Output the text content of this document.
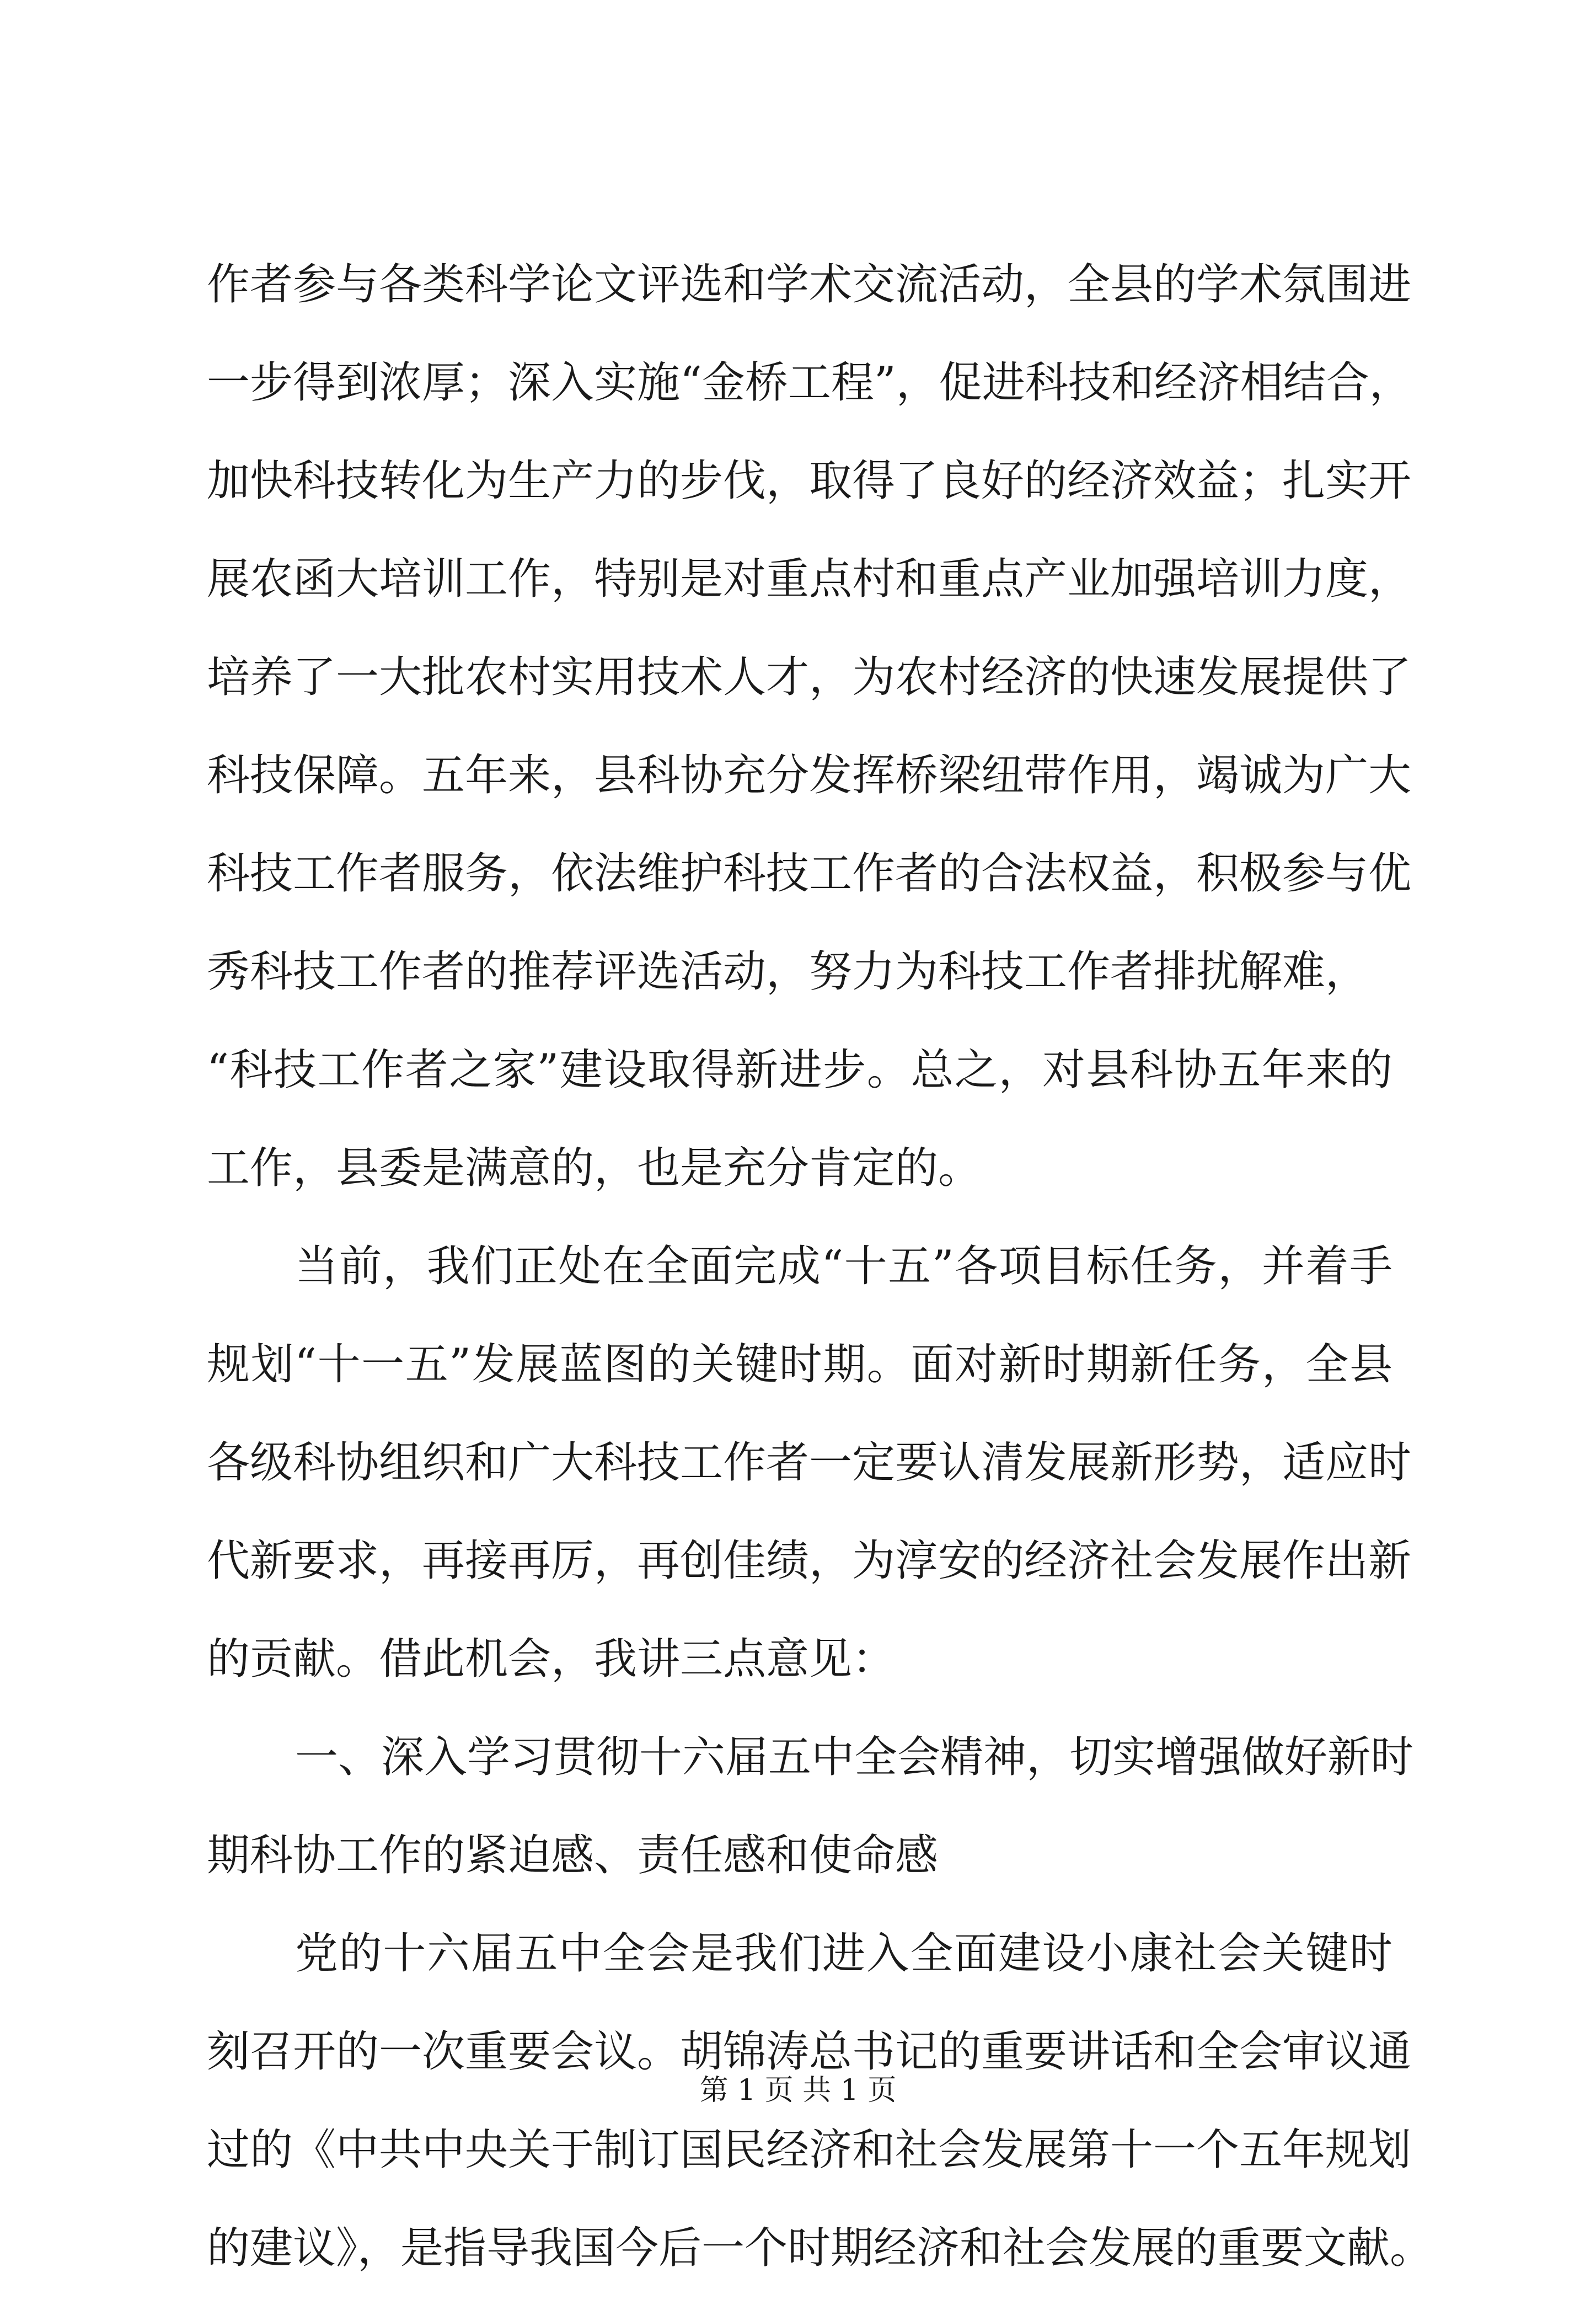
作者参与各类科学论文评选和学术交流活动，全县的学术氛围进
一步得到浓厚；深入实施“金桥工程”，促进科技和经济相结合，
加快科技转化为生产力的步伐，取得了良好的经济效益；扎实开
展农函大培训工作，特别是对重点村和重点产业加强培训力度，
培养了一大批农村实用技术人才，为农村经济的快速发展提供了
科技保障。五年来，县科协充分发挥桥梁纽带作用，竭诚为广大
科技工作者服务，依法维护科技工作者的合法权益，积极参与优
秀科技工作者的推荐评选活动，努力为科技工作者排扰解难，
“科技工作者之家”建设取得新进步。总之，对县科协五年来的
工作，县委是满意的，也是充分肯定的。
当前，我们正处在全面完成“十五”各项目标任务，并着手
规划“十一五”发展蓝图的关键时期。面对新时期新任务，全县
各级科协组织和广大科技工作者一定要认清发展新形势，适应时
代新要求，再接再厉，再创佳绩，为淳安的经济社会发展作出新
的贡献。借此机会，我讲三点意见：
一、深入学习贯彻十六届五中全会精神，切实增强做好新时
期科协工作的紧迫感、责任感和使命感
党的十六届五中全会是我们进入全面建设小康社会关键时
刻召开的一次重要会议。胡锦涛总书记的重要讲话和全会审议通
过的《中共中央关于制订国民经济和社会发展第十一个五年规划
的建议》，是指导我国今后一个时期经济和社会发展的重要文献。
第 1 页 共 1 页
